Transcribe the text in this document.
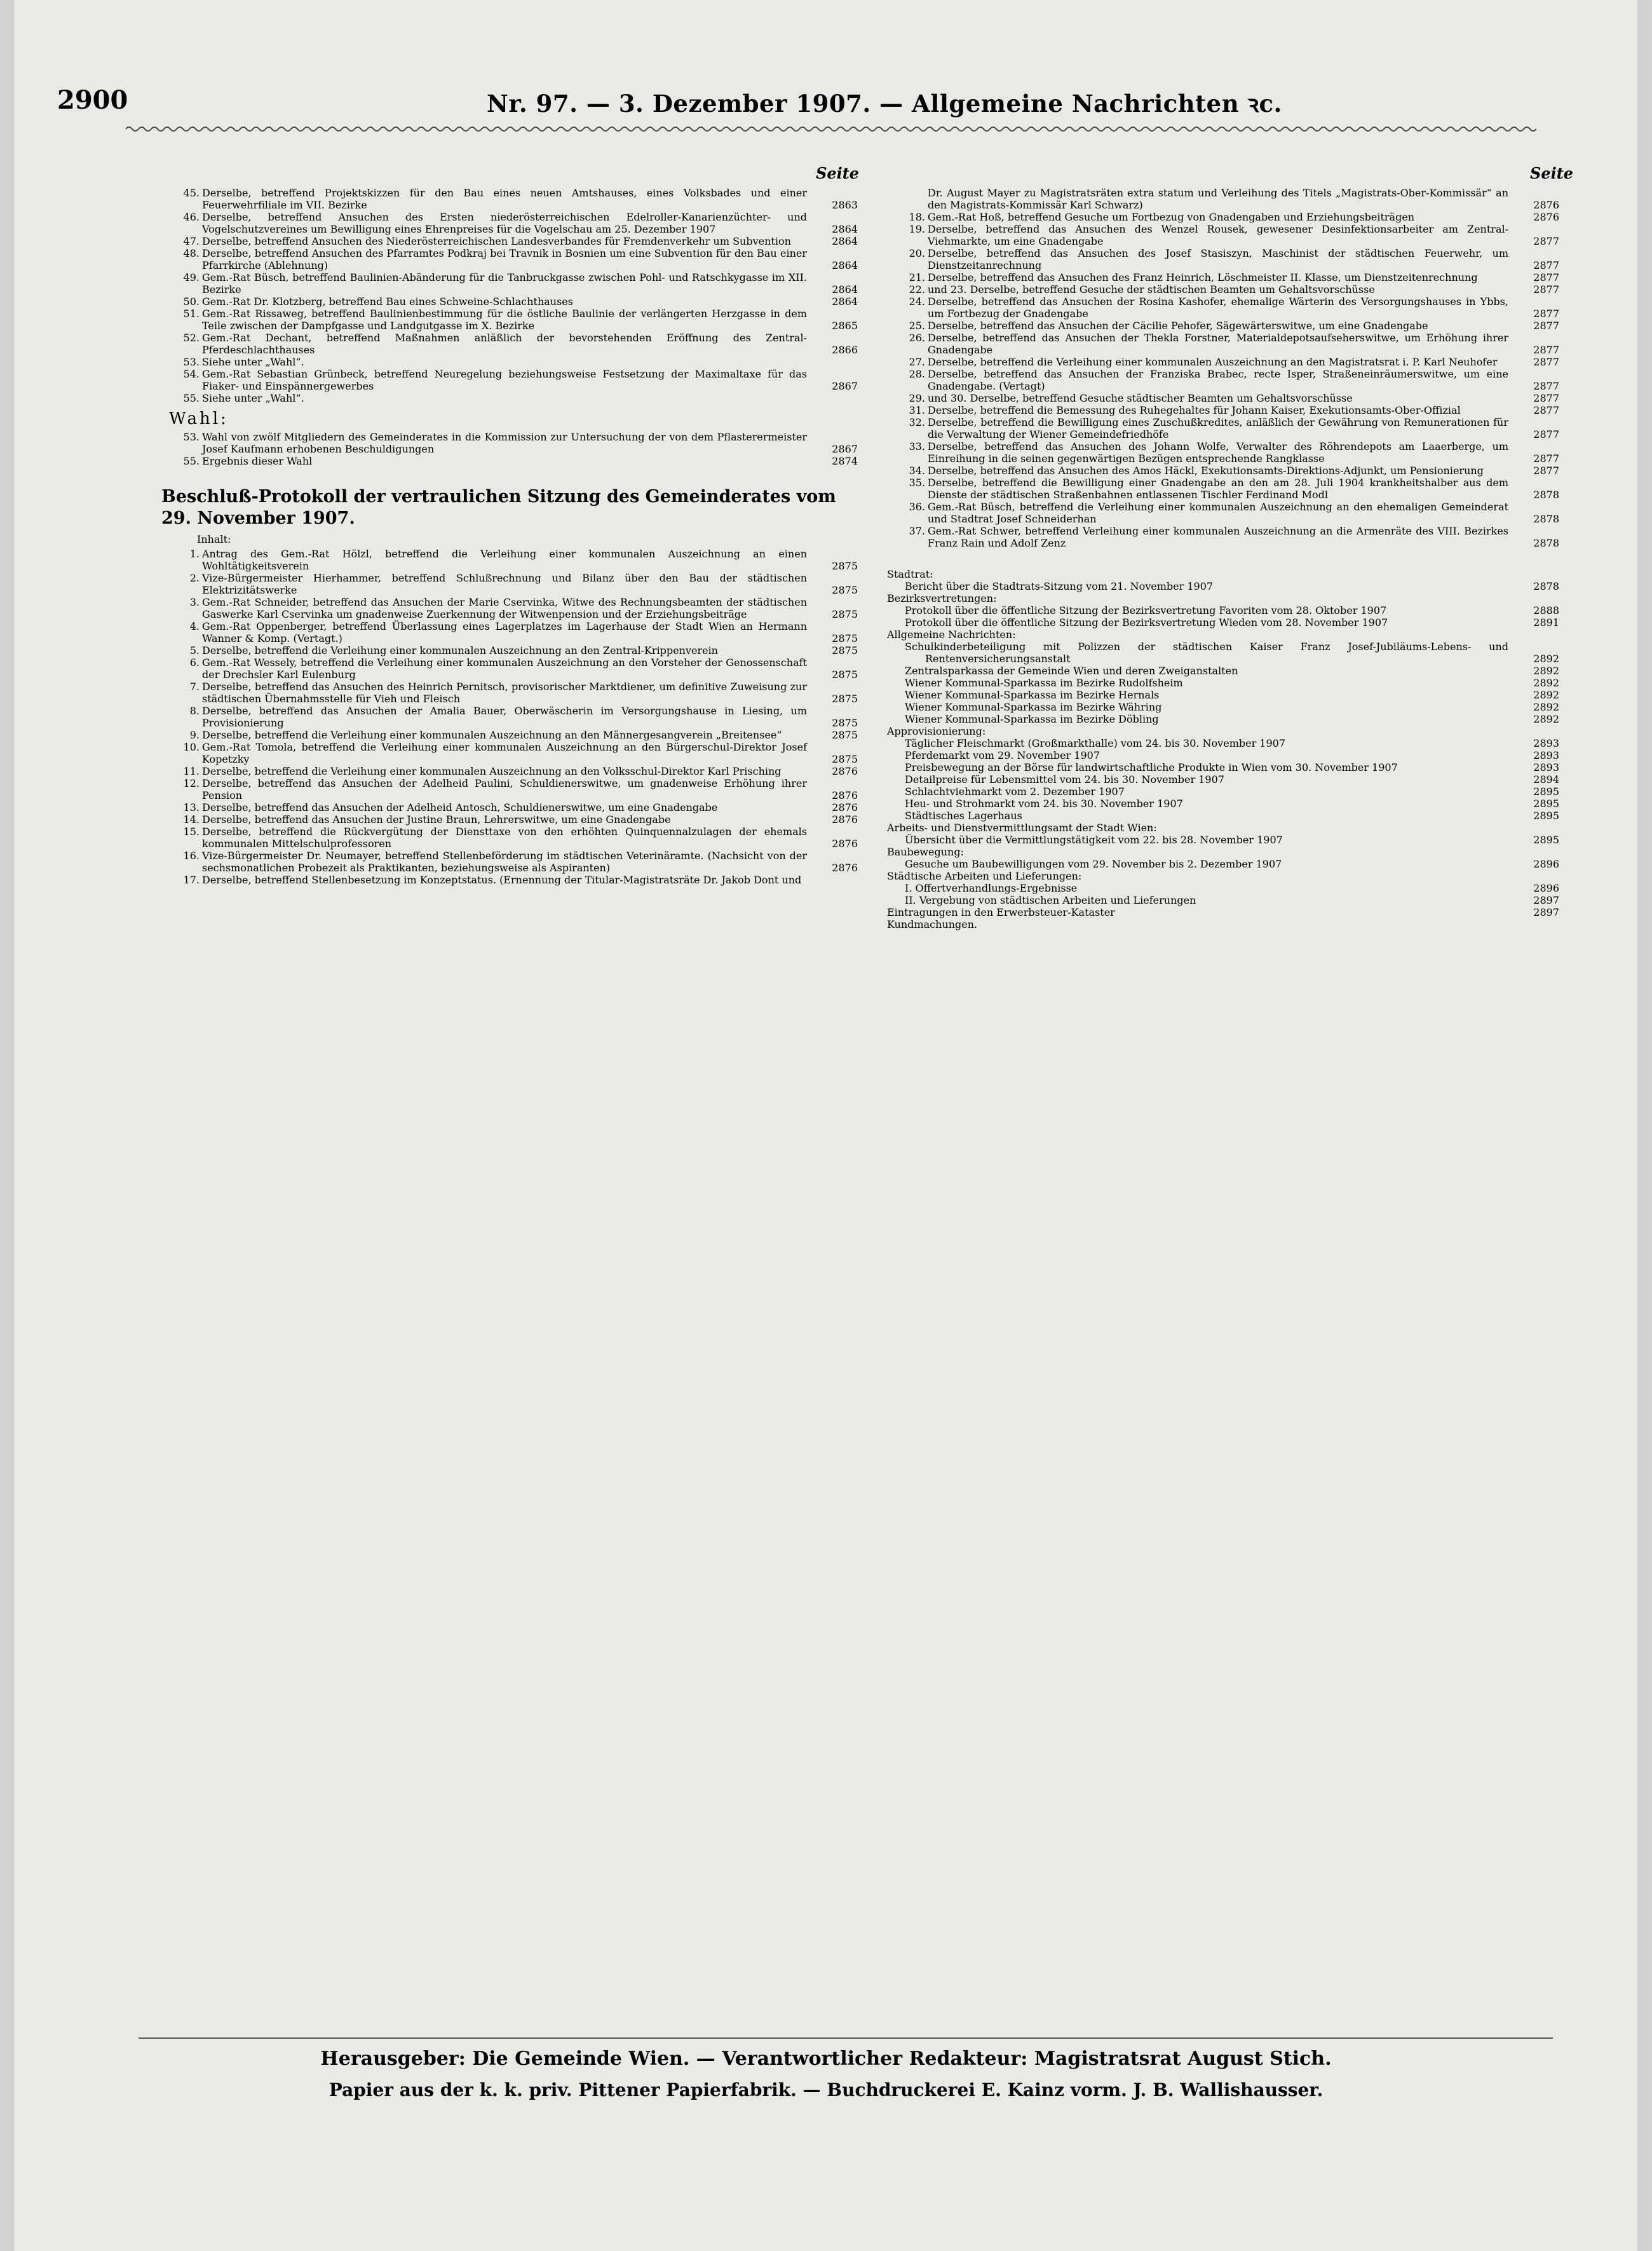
2900	Nr. 97. — 3. Dezember 1907. — Allgemeine Nachrichten ꝛc.
Seite
45. Derselbe, betreffend Projektskizzen für den Bau eines neuen Amtshauses, eines Volksbades und einer Feuerwehrfiliale im VII. Bezirke	2863
46. Derselbe, betreffend Ansuchen des Ersten niederösterreichischen Edelroller-Kanarienzüchter- und Vogelschutzvereines um Bewilligung eines Ehrenpreises für die Vogelschau am 25. Dezember 1907	2864
47. Derselbe, betreffend Ansuchen des Niederösterreichischen Landesverbandes für Fremdenverkehr um Subvention	2864
48. Derselbe, betreffend Ansuchen des Pfarramtes Podkraj bei Travnik in Bosnien um eine Subvention für den Bau einer Pfarrkirche (Ablehnung)	2864
49. Gem.-Rat Büsch, betreffend Baulinien-Abänderung für die Tanbruckgasse zwischen Pohl- und Ratschkygasse im XII. Bezirke	2864
50. Gem.-Rat Dr. Klotzberg, betreffend Bau eines Schweine-Schlachthauses	2864
51. Gem.-Rat Rissaweg, betreffend Baulinienbestimmung für die östliche Baulinie der verlängerten Herzgasse in dem Teile zwischen der Dampfgasse und Landgutgasse im X. Bezirke	2865
52. Gem.-Rat Dechant, betreffend Maßnahmen anläßlich der bevorstehenden Eröffnung des Zentral-Pferdeschlachthauses	2866
53. Siehe unter „Wahl“.
54. Gem.-Rat Sebastian Grünbeck, betreffend Neuregelung beziehungsweise Festsetzung der Maximaltaxe für das Fiaker- und Einspännergewerbes	2867
55. Siehe unter „Wahl“.
Wahl:
53. Wahl von zwölf Mitgliedern des Gemeinderates in die Kommission zur Untersuchung der von dem Pflasterermeister Josef Kaufmann erhobenen Beschuldigungen	2867
55. Ergebnis dieser Wahl	2874
Beschluß-Protokoll der vertraulichen Sitzung des Gemeinderates vom 29. November 1907.
Inhalt:
1. Antrag des Gem.-Rat Hölzl, betreffend die Verleihung einer kommunalen Auszeichnung an einen Wohltätigkeitsverein	2875
2. Vize-Bürgermeister Hierhammer, betreffend Schlußrechnung und Bilanz über den Bau der städtischen Elektrizitätswerke	2875
3. Gem.-Rat Schneider, betreffend das Ansuchen der Marie Cservinka, Witwe des Rechnungsbeamten der städtischen Gaswerke Karl Cservinka um gnadenweise Zuerkennung der Witwenpension und der Erziehungsbeiträge	2875
4. Gem.-Rat Oppenberger, betreffend Überlassung eines Lagerplatzes im Lagerhause der Stadt Wien an Hermann Wanner & Komp. (Vertagt.)	2875
5. Derselbe, betreffend die Verleihung einer kommunalen Auszeichnung an den Zentral-Krippenverein	2875
6. Gem.-Rat Wessely, betreffend die Verleihung einer kommunalen Auszeichnung an den Vorsteher der Genossenschaft der Drechsler Karl Eulenburg	2875
7. Derselbe, betreffend das Ansuchen des Heinrich Pernitsch, provisorischer Marktdiener, um definitive Zuweisung zur städtischen Übernahmsstelle für Vieh und Fleisch	2875
8. Derselbe, betreffend das Ansuchen der Amalia Bauer, Oberwäscherin im Versorgungshause in Liesing, um Provisionierung	2875
9. Derselbe, betreffend die Verleihung einer kommunalen Auszeichnung an den Männergesangverein „Breitensee“	2875
10. Gem.-Rat Tomola, betreffend die Verleihung einer kommunalen Auszeichnung an den Bürgerschul-Direktor Josef Kopetzky	2875
11. Derselbe, betreffend die Verleihung einer kommunalen Auszeichnung an den Volksschul-Direktor Karl Prisching	2876
12. Derselbe, betreffend das Ansuchen der Adelheid Paulini, Schuldienerswitwe, um gnadenweise Erhöhung ihrer Pension	2876
13. Derselbe, betreffend das Ansuchen der Adelheid Antosch, Schuldienerswitwe, um eine Gnadengabe	2876
14. Derselbe, betreffend das Ansuchen der Justine Braun, Lehrerswitwe, um eine Gnadengabe	2876
15. Derselbe, betreffend die Rückvergütung der Diensttaxe von den erhöhten Quinquennalzulagen der ehemals kommunalen Mittelschulprofessoren	2876
16. Vize-Bürgermeister Dr. Neumayer, betreffend Stellenbeförderung im städtischen Veterinäramte. (Nachsicht von der sechsmonatlichen Probezeit als Praktikanten, beziehungsweise als Aspiranten)	2876
17. Derselbe, betreffend Stellenbesetzung im Konzeptstatus. (Ernennung der Titular-Magistratsräte Dr. Jakob Dont und
Seite
Dr. August Mayer zu Magistratsräten extra statum und Verleihung des Titels „Magistrats-Ober-Kommissär“ an den Magistrats-Kommissär Karl Schwarz)	2876
18. Gem.-Rat Hoß, betreffend Gesuche um Fortbezug von Gnadengaben und Erziehungsbeiträgen	2876
19. Derselbe, betreffend das Ansuchen des Wenzel Rousek, gewesener Desinfektionsarbeiter am Zentral-Viehmarkte, um eine Gnadengabe	2877
20. Derselbe, betreffend das Ansuchen des Josef Stasiszyn, Maschinist der städtischen Feuerwehr, um Dienstzeitanrechnung	2877
21. Derselbe, betreffend das Ansuchen des Franz Heinrich, Löschmeister II. Klasse, um Dienstzeitenrechnung	2877
22. und 23. Derselbe, betreffend Gesuche der städtischen Beamten um Gehaltsvorschüsse	2877
24. Derselbe, betreffend das Ansuchen der Rosina Kashofer, ehemalige Wärterin des Versorgungshauses in Ybbs, um Fortbezug der Gnadengabe	2877
25. Derselbe, betreffend das Ansuchen der Cäcilie Pehofer, Sägewärterswitwe, um eine Gnadengabe	2877
26. Derselbe, betreffend das Ansuchen der Thekla Forstner, Materialdepotsaufseherswitwe, um Erhöhung ihrer Gnadengabe	2877
27. Derselbe, betreffend die Verleihung einer kommunalen Auszeichnung an den Magistratsrat i. P. Karl Neuhofer	2877
28. Derselbe, betreffend das Ansuchen der Franziska Brabec, recte Isper, Straßeneinräumerswitwe, um eine Gnadengabe. (Vertagt)	2877
29. und 30. Derselbe, betreffend Gesuche städtischer Beamten um Gehaltsvorschüsse	2877
31. Derselbe, betreffend die Bemessung des Ruhegehaltes für Johann Kaiser, Exekutionsamts-Ober-Offizial	2877
32. Derselbe, betreffend die Bewilligung eines Zuschußkredites, anläßlich der Gewährung von Remunerationen für die Verwaltung der Wiener Gemeindefriedhöfe	2877
33. Derselbe, betreffend das Ansuchen des Johann Wolfe, Verwalter des Röhrendepots am Laaerberge, um Einreihung in die seinen gegenwärtigen Bezügen entsprechende Rangklasse	2877
34. Derselbe, betreffend das Ansuchen des Amos Häckl, Exekutionsamts-Direktions-Adjunkt, um Pensionierung	2877
35. Derselbe, betreffend die Bewilligung einer Gnadengabe an den am 28. Juli 1904 krankheitshalber aus dem Dienste der städtischen Straßenbahnen entlassenen Tischler Ferdinand Modl	2878
36. Gem.-Rat Büsch, betreffend die Verleihung einer kommunalen Auszeichnung an den ehemaligen Gemeinderat und Stadtrat Josef Schneiderhan	2878
37. Gem.-Rat Schwer, betreffend Verleihung einer kommunalen Auszeichnung an die Armenräte des VIII. Bezirkes Franz Rain und Adolf Zenz	2878
Stadtrat:
Bericht über die Stadtrats-Sitzung vom 21. November 1907	2878
Bezirksvertretungen:
Protokoll über die öffentliche Sitzung der Bezirksvertretung Favoriten vom 28. Oktober 1907	2888
Protokoll über die öffentliche Sitzung der Bezirksvertretung Wieden vom 28. November 1907	2891
Allgemeine Nachrichten:
Schulkinderbeteiligung mit Polizzen der städtischen Kaiser Franz Josef-Jubiläums-Lebens- und Rentenversicherungsanstalt	2892
Zentralsparkassa der Gemeinde Wien und deren Zweiganstalten	2892
Wiener Kommunal-Sparkassa im Bezirke Rudolfsheim	2892
Wiener Kommunal-Sparkassa im Bezirke Hernals	2892
Wiener Kommunal-Sparkassa im Bezirke Währing	2892
Wiener Kommunal-Sparkassa im Bezirke Döbling	2892
Approvisionierung:
Täglicher Fleischmarkt (Großmarkthalle) vom 24. bis 30. November 1907	2893
Pferdemarkt vom 29. November 1907	2893
Preisbewegung an der Börse für landwirtschaftliche Produkte in Wien vom 30. November 1907	2893
Detailpreise für Lebensmittel vom 24. bis 30. November 1907	2894
Schlachtviehmarkt vom 2. Dezember 1907	2895
Heu- und Strohmarkt vom 24. bis 30. November 1907	2895
Städtisches Lagerhaus	2895
Arbeits- und Dienstvermittlungsamt der Stadt Wien:
Übersicht über die Vermittlungstätigkeit vom 22. bis 28. November 1907	2895
Baubewegung:
Gesuche um Baubewilligungen vom 29. November bis 2. Dezember 1907	2896
Städtische Arbeiten und Lieferungen:
I. Offertverhandlungs-Ergebnisse	2896
II. Vergebung von städtischen Arbeiten und Lieferungen	2897
Eintragungen in den Erwerbsteuer-Kataster	2897
Kundmachungen.
Herausgeber: Die Gemeinde Wien. — Verantwortlicher Redakteur: Magistratsrat August Stich.
Papier aus der k. k. priv. Pittener Papierfabrik. — Buchdruckerei E. Kainz vorm. J. B. Wallishausser.
